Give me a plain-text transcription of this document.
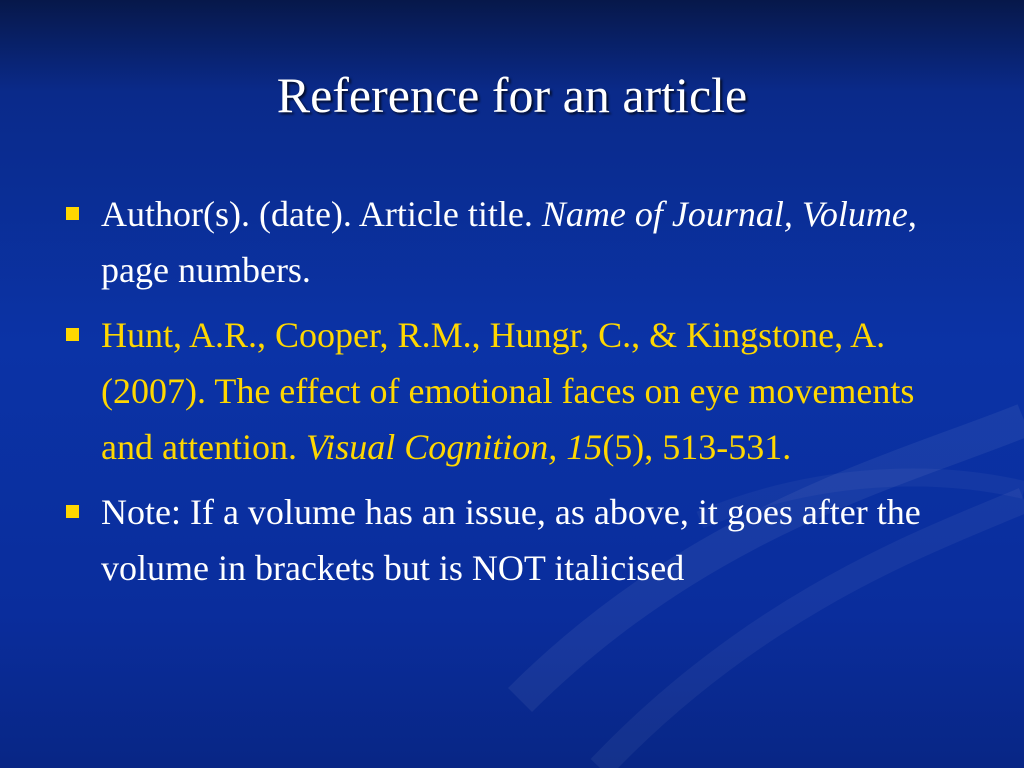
Reference for an article
Author(s). (date). Article title. Name of Journal, Volume, page numbers.
Hunt, A.R., Cooper, R.M., Hungr, C., & Kingstone, A. (2007). The effect of emotional faces on eye movements and attention. Visual Cognition, 15(5), 513-531.
Note: If a volume has an issue, as above, it goes after the volume in brackets but is NOT italicised
